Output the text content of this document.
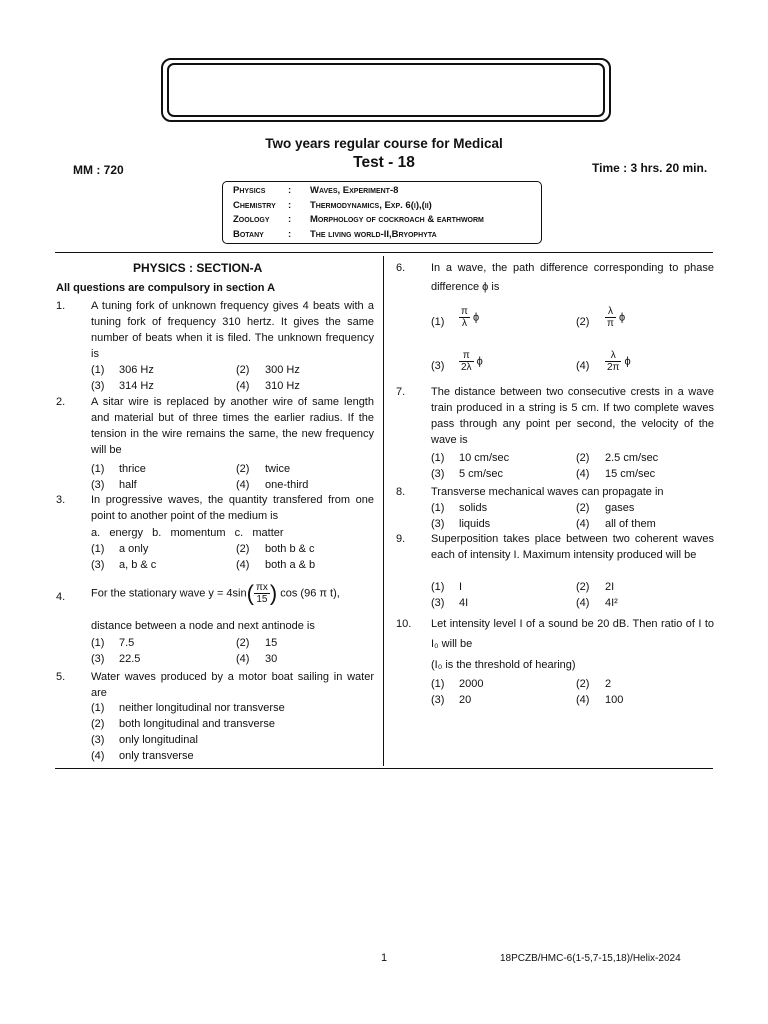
Two years regular course for Medical
Test - 18
MM : 720	Time : 3 hrs. 20 min.
Physics	:	Waves, Experiment-8
Chemistry	:	Thermodynamics, Exp. 6(i),(ii)
Zoology	:	Morphology of cockroach & earthworm
Botany	:	The living world-II,Bryophyta
PHYSICS : SECTION-A
All questions are compulsory in section A
1. A tuning fork of unknown frequency gives 4 beats with a tuning fork of frequency 310 hertz. It gives the same number of beats when it is filed. The unknown frequency is
(1) 306 Hz	(2) 300 Hz
(3) 314 Hz	(4) 310 Hz
2. A sitar wire is replaced by another wire of same length and material but of three times the earlier radius. If the tension in the wire remains the same, the new frequency will be
(1) thrice	(2) twice
(3) half	(4) one-third
3. In progressive waves, the quantity transfered from one point to another point of the medium is
a.   energy   b.   momentum   c.   matter
(1) a only	(2) both b & c
(3) a, b & c	(4) both a & b
4. For the stationary wave $y = 4\sin( \frac{\pi x}{15}$ ) cos (96 π t),
distance between a node and next antinode is
(1) 7.5	(2) 15
(3) 22.5	(4) 30
5. Water waves produced by a motor boat sailing in water are
(1) neither longitudinal nor transverse
(2) both longitudinal and transverse
(3) only longitudinal
(4) only transverse
6. In a wave, the path difference corresponding to phase difference ϕ is
$(1) \frac{\pi}{\lambda}$ ϕ	$(2) \frac{\lambda}{\pi}$ ϕ
$(3) \frac{\pi}{2\lambda}$ ϕ	$(4) \frac{\lambda}{2\pi}$ ϕ
7. The distance between two consecutive crests in a wave train produced in a string is 5 cm. If two complete waves pass through any point per second, the velocity of the wave is
(1) 10 cm/sec	(2) 2.5 cm/sec
(3) 5 cm/sec	(4) 15 cm/sec
8. Transverse mechanical waves can propagate in
(1) solids	(2) gases
(3) liquids	(4) all of them
9. Superposition takes place between two coherent waves each of intensity I. Maximum intensity produced will be
(1) I	(2) 2I
(3) 4I	(4) 4I²
10. Let intensity level I of a sound be 20 dB. Then ratio of I to I₀ will be
(I₀ is the threshold of hearing)
(1) 2000	(2) 2
(3) 20	(4) 100
1	18PCZB/HMC-6(1-5,7-15,18)/Helix-2024
